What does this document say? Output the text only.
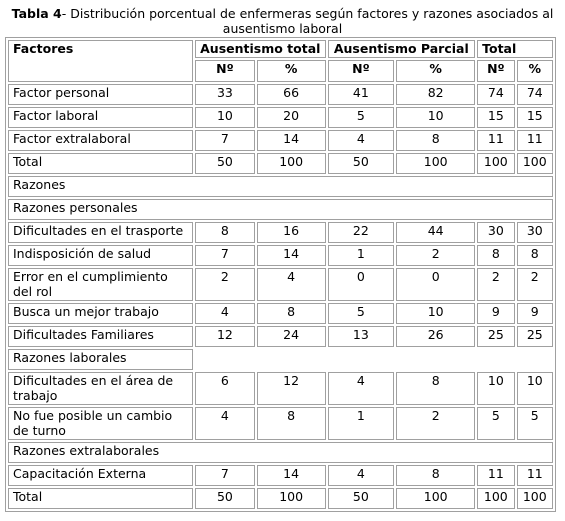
Tabla 4- Distribución porcentual de enfermeras según factores y razones asociados al ausentismo laboral
Factores	Ausentismo total		Ausentismo Parcial		Total	
	Nº	%	Nº	%	Nº	%
Factor personal	33	66	41	82	74	74
Factor laboral	10	20	5	10	15	15
Factor extralaboral	7	14	4	8	11	11
Total	50	100	50	100	100	100
Razones						
Razones personales						
Dificultades en el trasporte	8	16	22	44	30	30
Indisposición de salud	7	14	1	2	8	8
Error en el cumplimiento del rol	2	4	0	0	2	2
Busca un mejor trabajo	4	8	5	10	9	9
Dificultades Familiares	12	24	13	26	25	25
Razones laborales						
Dificultades en el área de trabajo	6	12	4	8	10	10
No fue posible un cambio de turno	4	8	1	2	5	5
Razones extralaborales						
Capacitación Externa	7	14	4	8	11	11
Total	50	100	50	100	100	100
